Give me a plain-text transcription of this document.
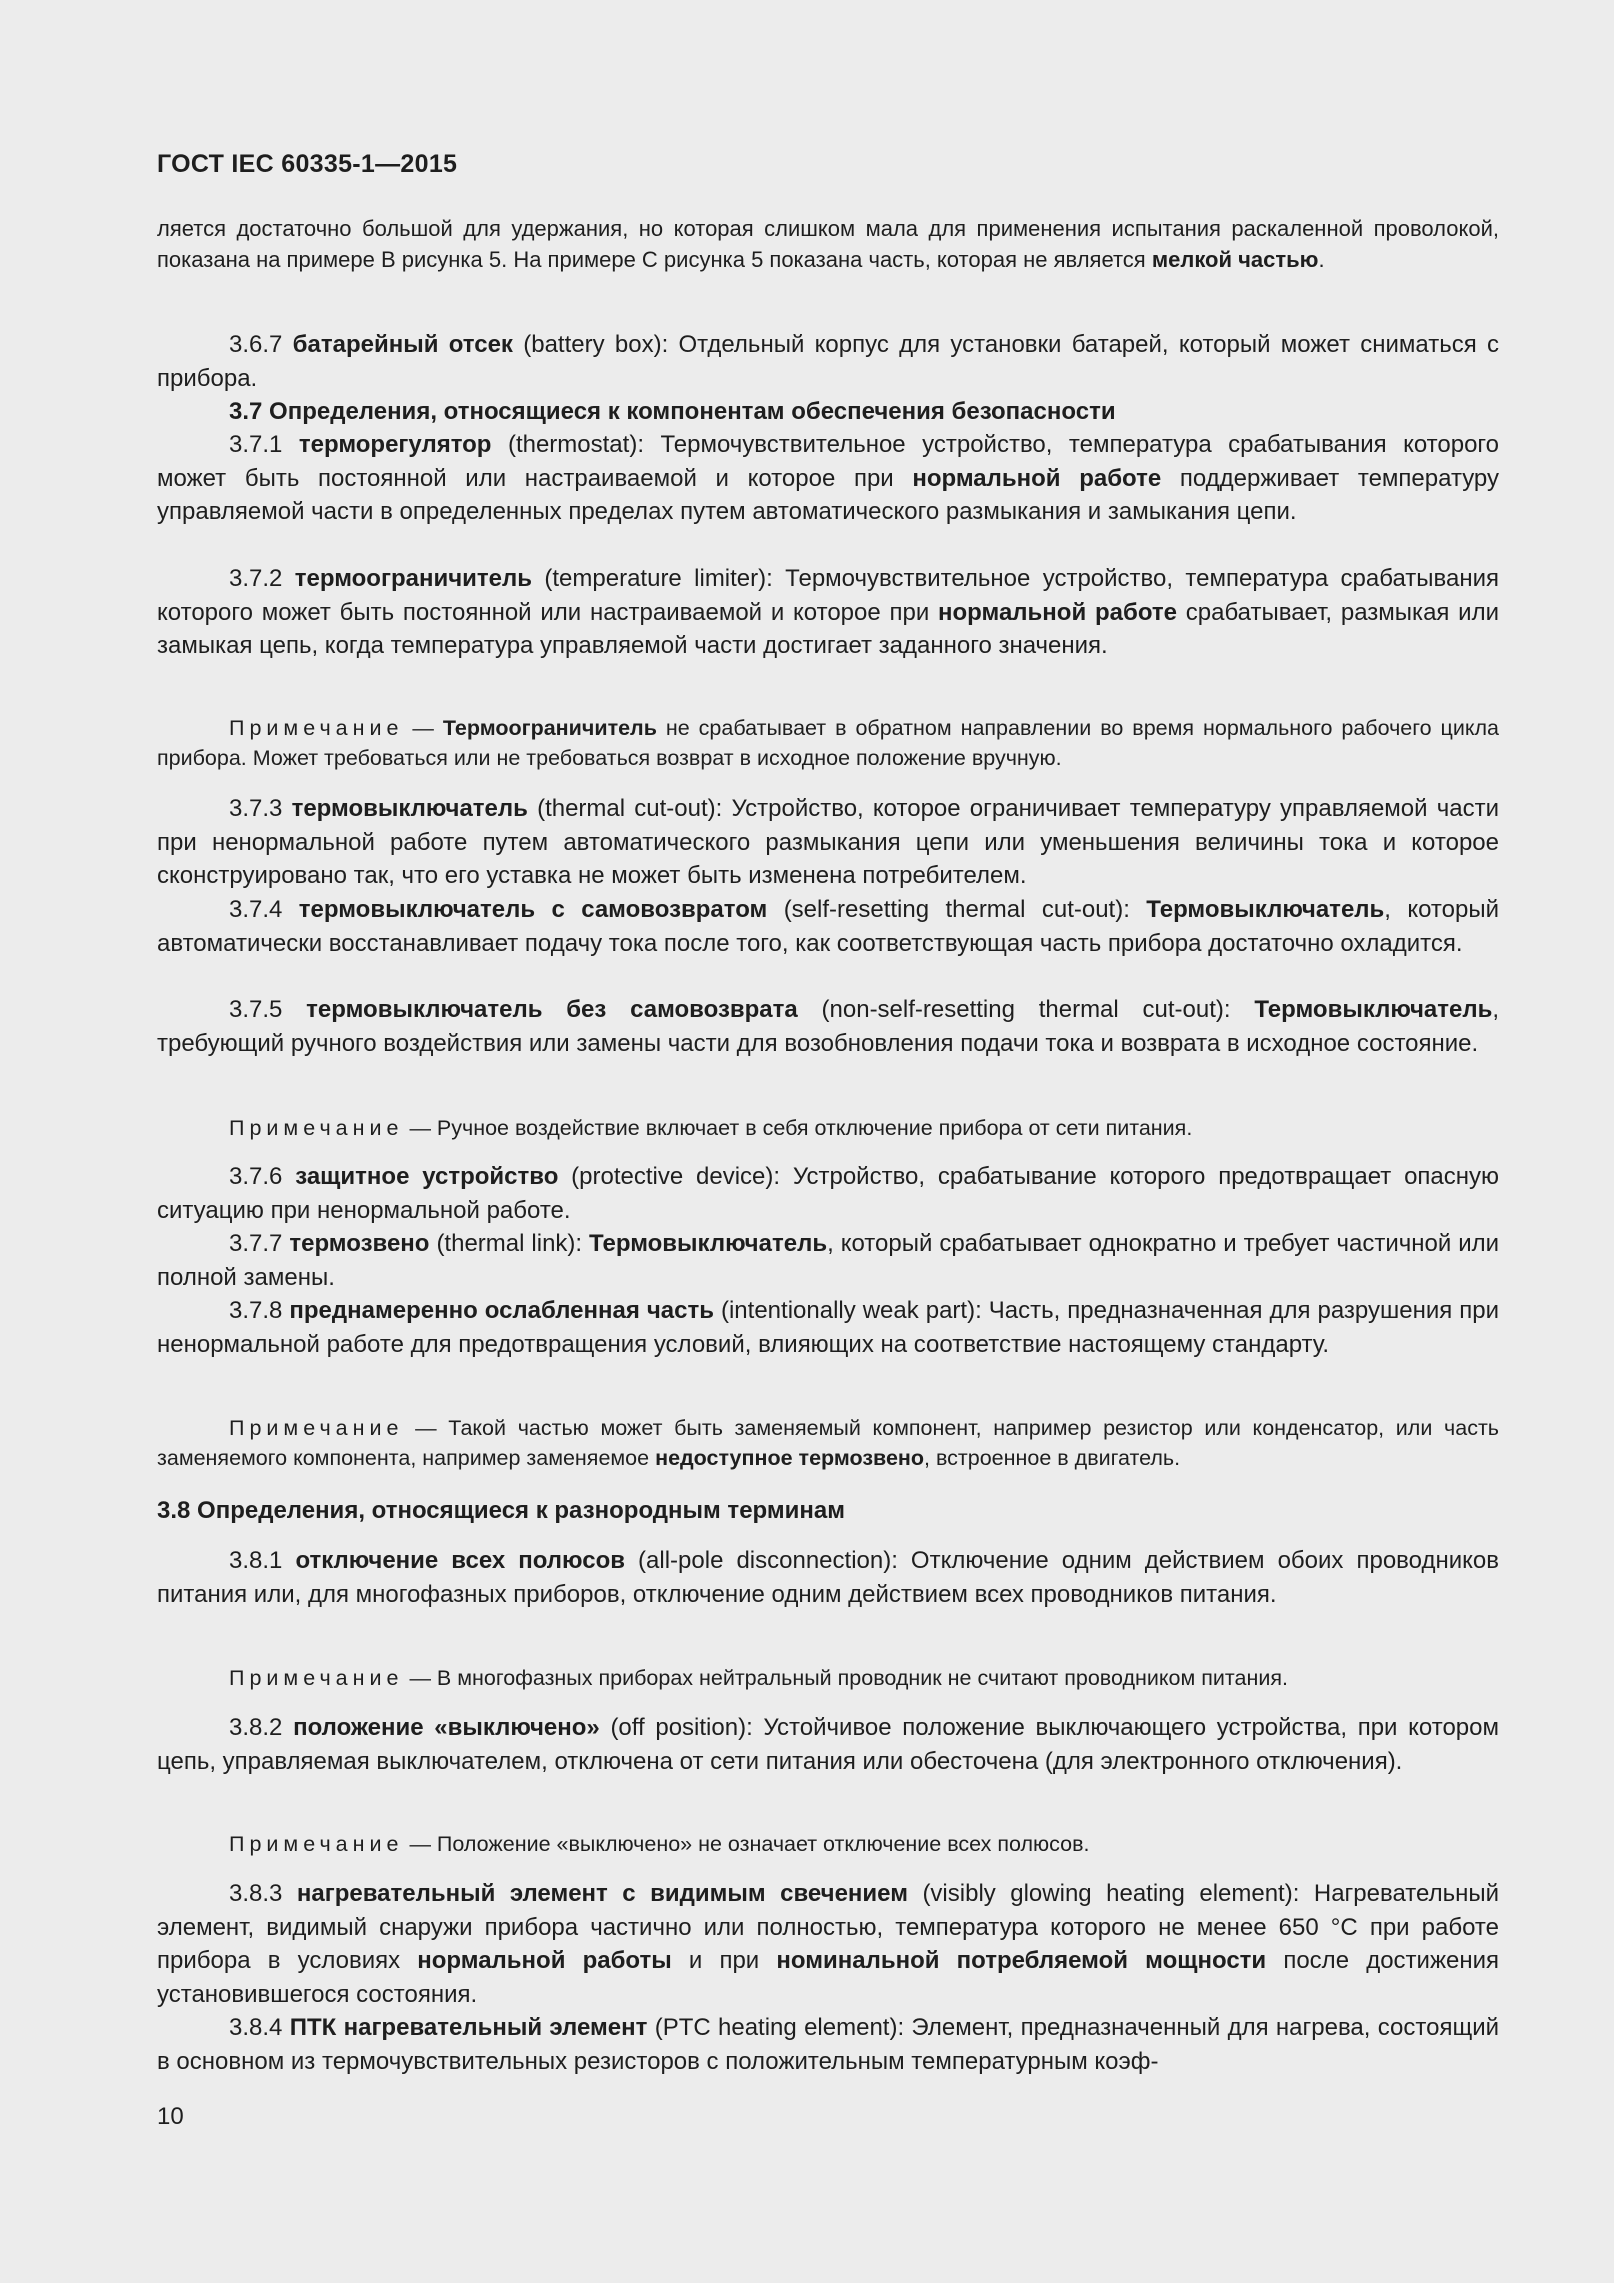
ГОСТ IEC 60335-1—2015

ляется достаточно большой для удержания, но которая слишком мала для применения испытания раскаленной проволокой, показана на примере В рисунка 5. На примере С рисунка 5 показана часть, которая не является мелкой частью.

3.6.7 батарейный отсек (battery box): Отдельный корпус для установки батарей, который может сниматься с прибора.

3.7 Определения, относящиеся к компонентам обеспечения безопасности

3.7.1 терморегулятор (thermostat): Термочувствительное устройство, температура срабатывания которого может быть постоянной или настраиваемой и которое при нормальной работе поддерживает температуру управляемой части в определенных пределах путем автоматического размыкания и замыкания цепи.

3.7.2 термоограничитель (temperature limiter): Термочувствительное устройство, температура срабатывания которого может быть постоянной или настраиваемой и которое при нормальной работе срабатывает, размыкая или замыкая цепь, когда температура управляемой части достигает заданного значения.

Примечание — Термоограничитель не срабатывает в обратном направлении во время нормального рабочего цикла прибора. Может требоваться или не требоваться возврат в исходное положение вручную.

3.7.3 термовыключатель (thermal cut-out): Устройство, которое ограничивает температуру управляемой части при ненормальной работе путем автоматического размыкания цепи или уменьшения величины тока и которое сконструировано так, что его уставка не может быть изменена потребителем.

3.7.4 термовыключатель с самовозвратом (self-resetting thermal cut-out): Термовыключатель, который автоматически восстанавливает подачу тока после того, как соответствующая часть прибора достаточно охладится.

3.7.5 термовыключатель без самовозврата (non-self-resetting thermal cut-out): Термовыключатель, требующий ручного воздействия или замены части для возобновления подачи тока и возврата в исходное состояние.

Примечание — Ручное воздействие включает в себя отключение прибора от сети питания.

3.7.6 защитное устройство (protective device): Устройство, срабатывание которого предотвращает опасную ситуацию при ненормальной работе.

3.7.7 термозвено (thermal link): Термовыключатель, который срабатывает однократно и требует частичной или полной замены.

3.7.8 преднамеренно ослабленная часть (intentionally weak part): Часть, предназначенная для разрушения при ненормальной работе для предотвращения условий, влияющих на соответствие настоящему стандарту.

Примечание — Такой частью может быть заменяемый компонент, например резистор или конденсатор, или часть заменяемого компонента, например заменяемое недоступное термозвено, встроенное в двигатель.

3.8 Определения, относящиеся к разнородным терминам

3.8.1 отключение всех полюсов (all-pole disconnection): Отключение одним действием обоих проводников питания или, для многофазных приборов, отключение одним действием всех проводников питания.

Примечание — В многофазных приборах нейтральный проводник не считают проводником питания.

3.8.2 положение «выключено» (off position): Устойчивое положение выключающего устройства, при котором цепь, управляемая выключателем, отключена от сети питания или обесточена (для электронного отключения).

Примечание — Положение «выключено» не означает отключение всех полюсов.

3.8.3 нагревательный элемент с видимым свечением (visibly glowing heating element): Нагревательный элемент, видимый снаружи прибора частично или полностью, температура которого не менее 650 °С при работе прибора в условиях нормальной работы и при номинальной потребляемой мощности после достижения установившегося состояния.

3.8.4 ПТК нагревательный элемент (PTC heating element): Элемент, предназначенный для нагрева, состоящий в основном из термочувствительных резисторов с положительным температурным коэф-

10
